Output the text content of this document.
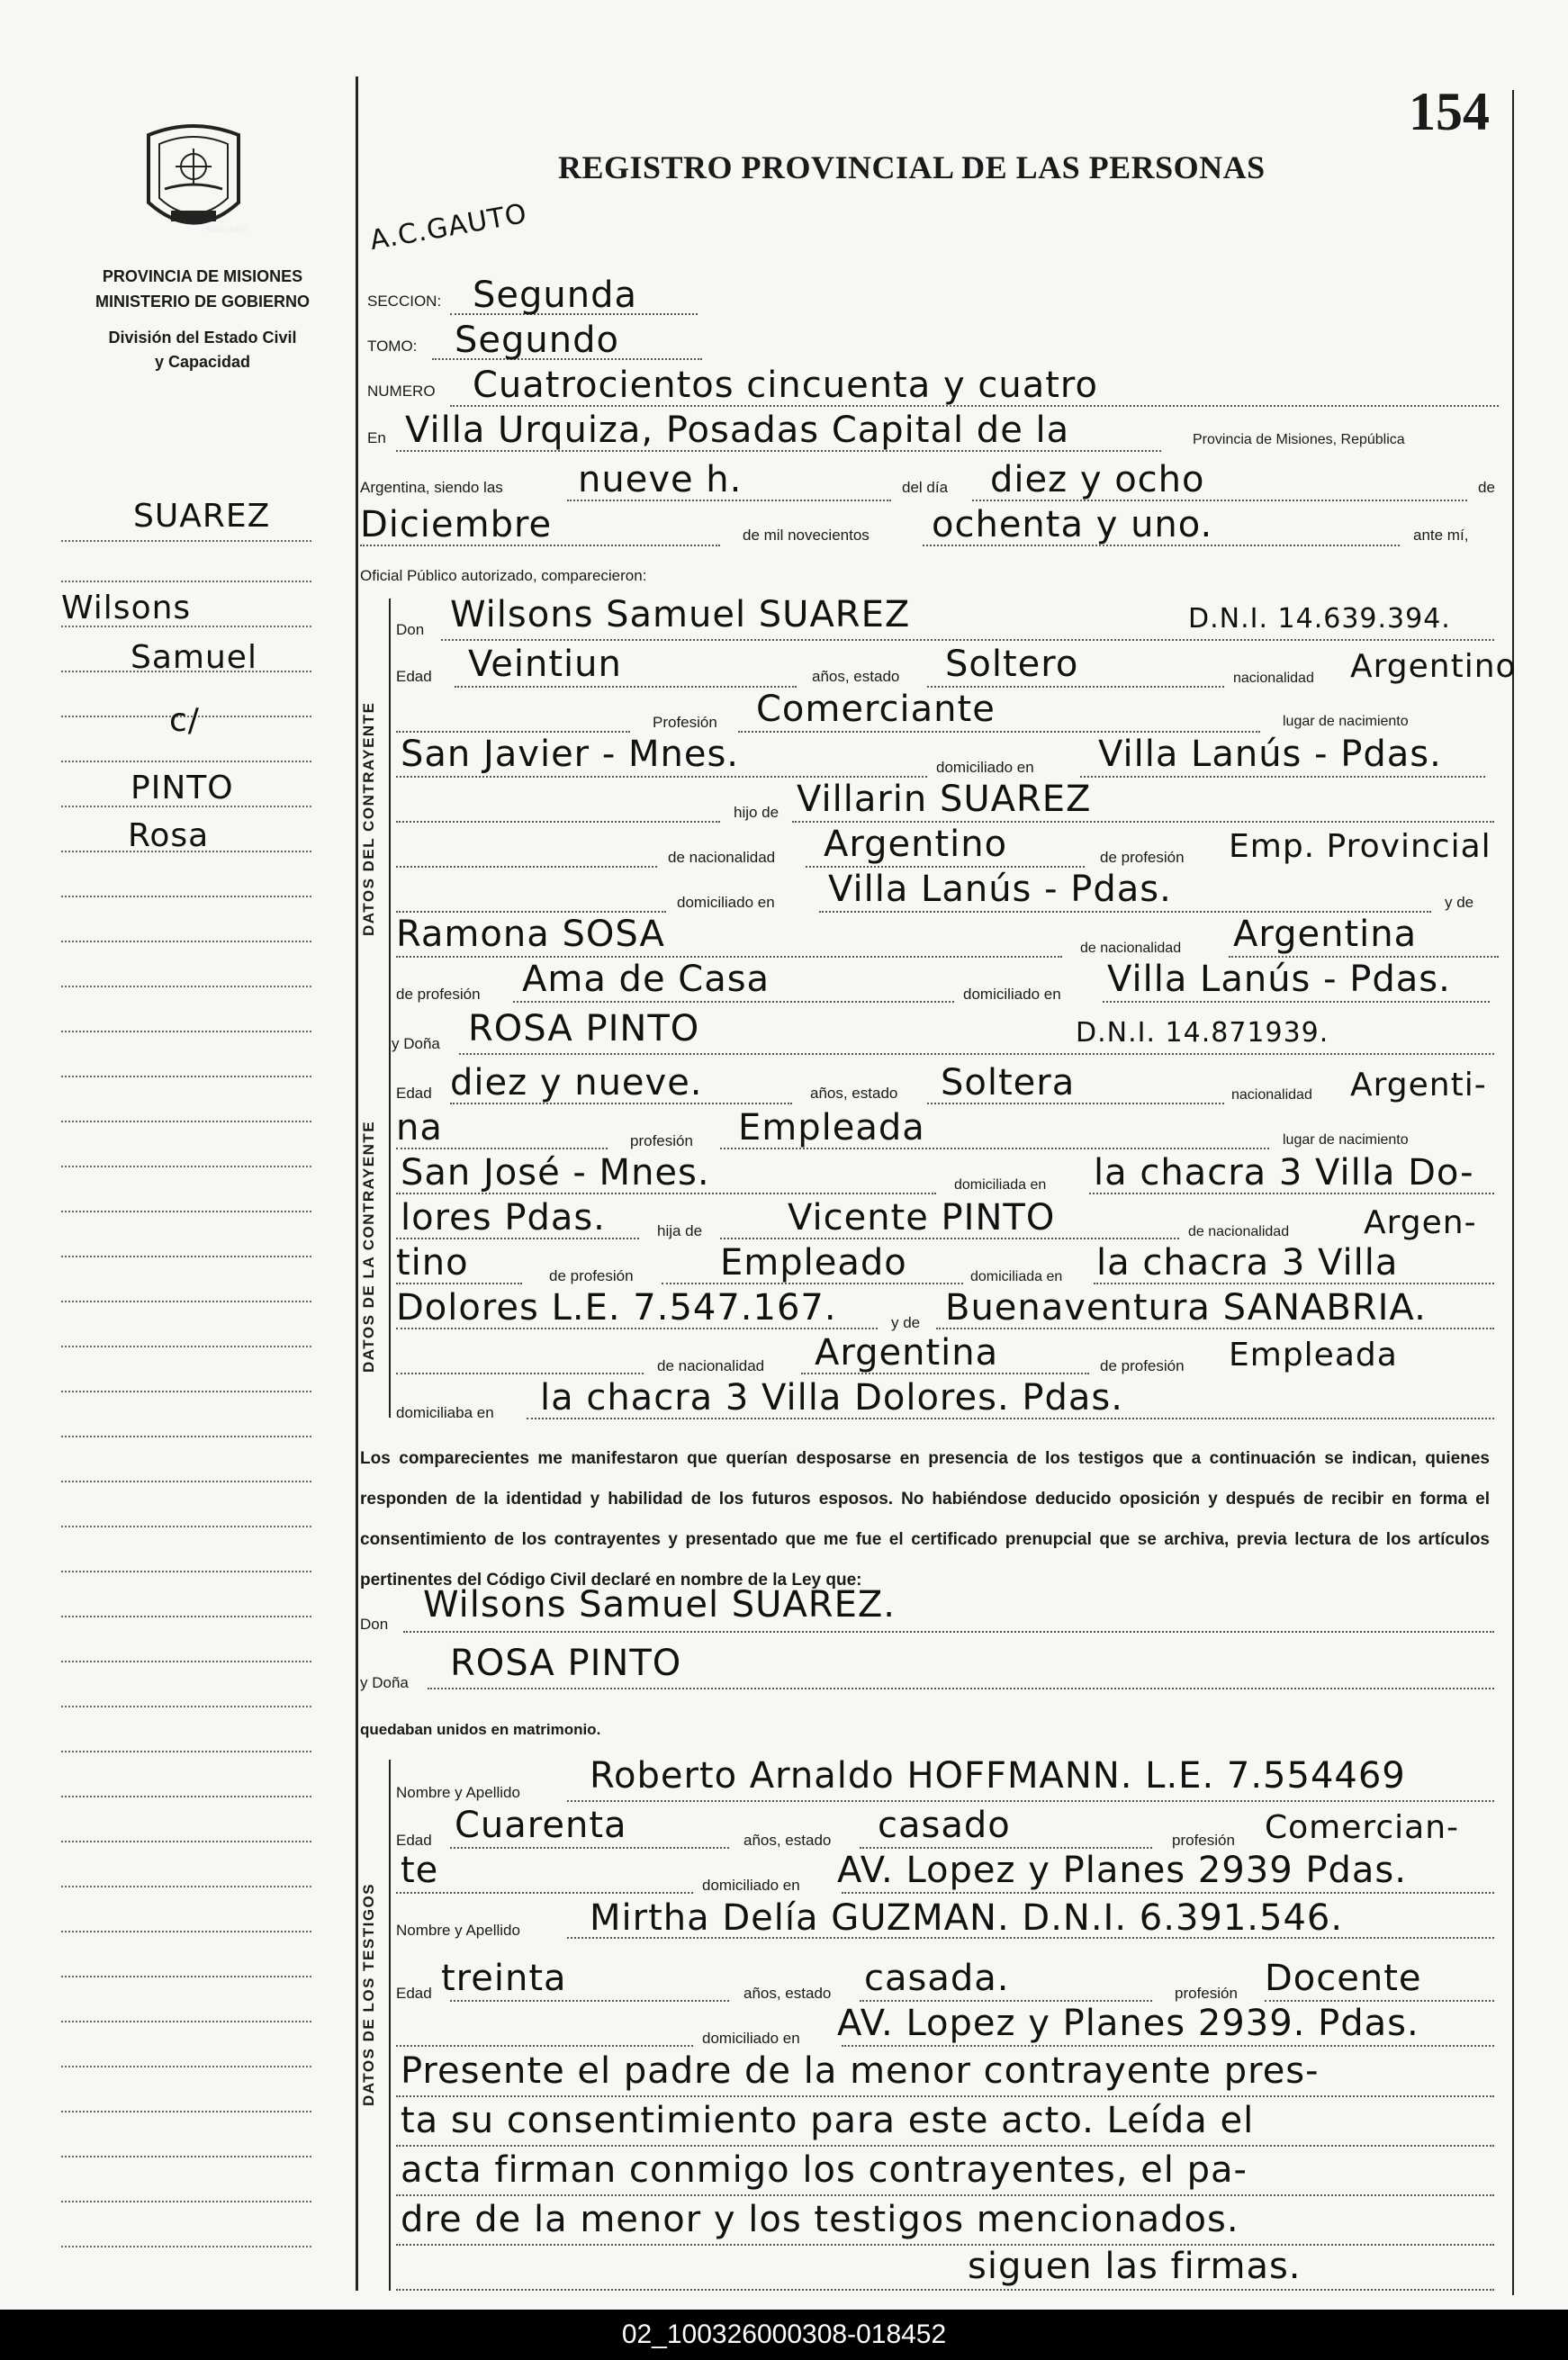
154
REGISTRO PROVINCIAL DE LAS PERSONAS
MISIONES
PROVINCIA DE MISIONES
MINISTERIO DE GOBIERNO
División del Estado Civil
y Capacidad
A.C.GAUTO
SUAREZ
Wilsons
Samuel
c/
PINTO
Rosa
SECCION: Segunda
TOMO: Segundo
NUMERO Cuatrocientos cincuenta y cuatro
En Villa Urquiza, Posadas Capital de la	Provincia de Misiones, República
Argentina, siendo las nueve h.	del día diez y ocho	de
Diciembre	de mil novecientos ochenta y uno.	ante mí,
Oficial Público autorizado, comparecieron:
DATOS DEL CONTRAYENTE
Don Wilsons Samuel SUAREZ	D.N.I. 14.639.394.
Edad Veintiun	años, estado Soltero	nacionalidad Argentino
Profesión Comerciante	lugar de nacimiento
San Javier - Mnes.	domiciliado en Villa Lanús - Pdas.
hijo de Villarin SUAREZ
de nacionalidad Argentino	de profesión Emp. Provincial
domiciliado en Villa Lanús - Pdas.	y de
Ramona SOSA	de nacionalidad Argentina
de profesión Ama de Casa	domiciliado en Villa Lanús - Pdas.
DATOS DE LA CONTRAYENTE
y Doña ROSA PINTO	D.N.I. 14.871939.
Edad diez y nueve.	años, estado Soltera	nacionalidad Argenti-
na	profesión Empleada	lugar de nacimiento
San José - Mnes.	domiciliada en la chacra 3 Villa Do-
lores Pdas.	hija de Vicente PINTO	de nacionalidad Argen-
tino	de profesión Empleado	domiciliada en la chacra 3 Villa
Dolores L.E. 7.547.167.	y de Buenaventura SANABRIA.
de nacionalidad Argentina	de profesión Empleada
domiciliaba en la chacra 3 Villa Dolores. Pdas.
Los comparecientes me manifestaron que querían desposarse en presencia de los testigos que a continuación se indican, quienes responden de la identidad y habilidad de los futuros esposos. No habiéndose deducido oposición y después de recibir en forma el consentimiento de los contrayentes y presentado que me fue el certificado prenupcial que se archiva, previa lectura de los artículos pertinentes del Código Civil declaré en nombre de la Ley que:
Don Wilsons Samuel SUAREZ.
y Doña ROSA PINTO
quedaban unidos en matrimonio.
DATOS DE LOS TESTIGOS
Nombre y Apellido Roberto Arnaldo HOFFMANN. L.E. 7.554469
Edad Cuarenta	años, estado casado	profesión Comercian-
te	domiciliado en AV. Lopez y Planes 2939 Pdas.
Nombre y Apellido Mirtha Delía GUZMAN. D.N.I. 6.391.546.
Edad treinta	años, estado casada.	profesión Docente
domiciliado en AV. Lopez y Planes 2939. Pdas.
Presente el padre de la menor contrayente pres-
ta su consentimiento para este acto. Leída el
acta firman conmigo los contrayentes, el pa-
dre de la menor y los testigos mencionados.
siguen las firmas.
02_100326000308-018452
